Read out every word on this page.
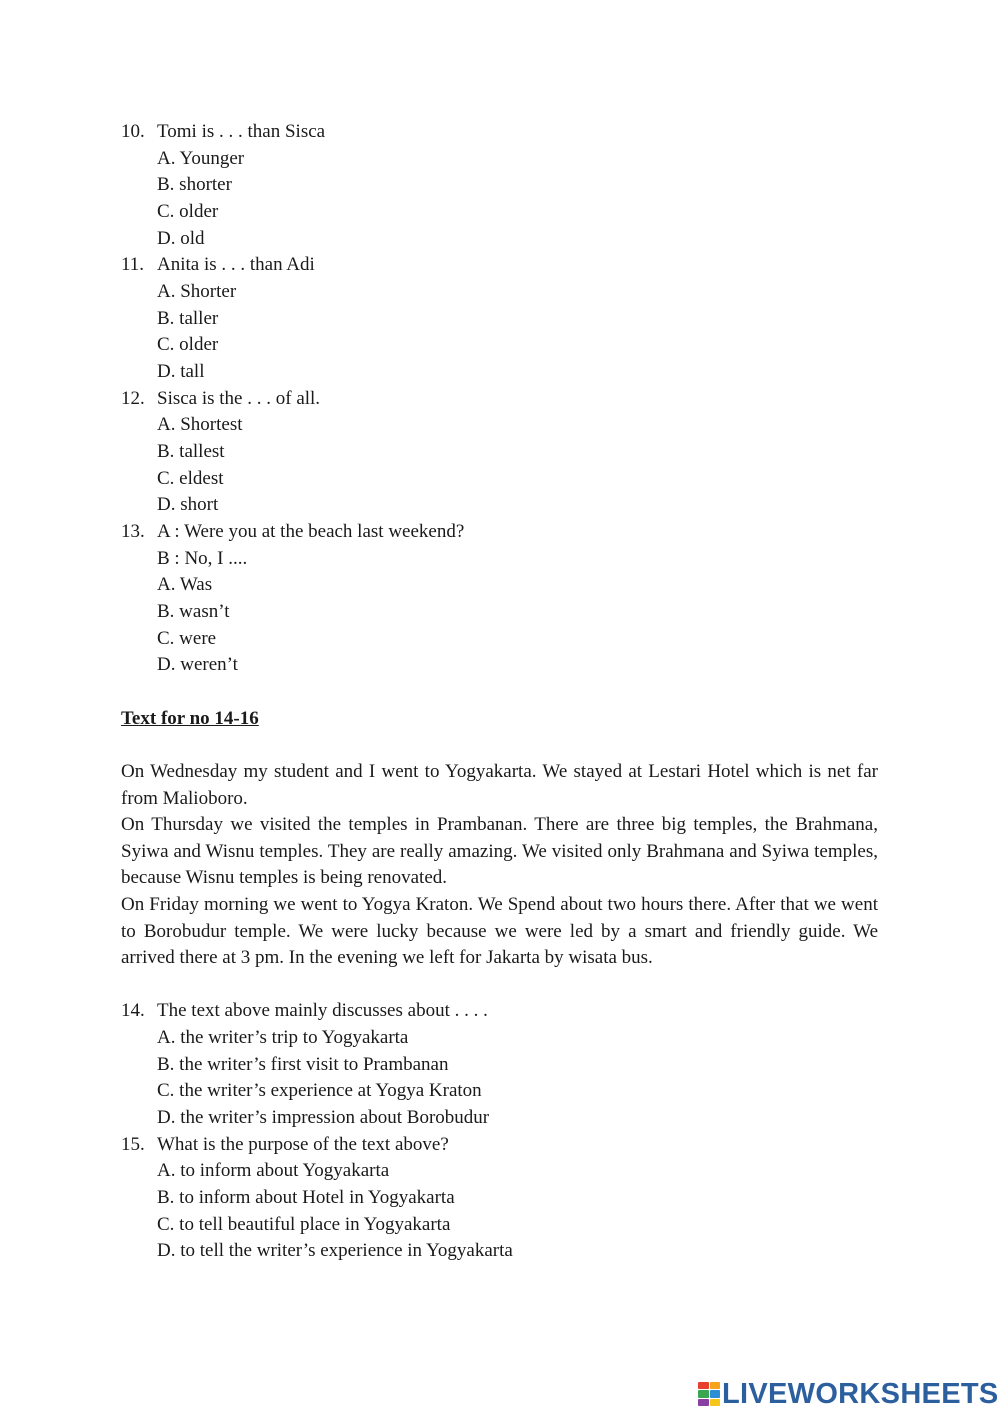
10. Tomi is . . . than Sisca
A. Younger
B. shorter
C. older
D. old
11. Anita is . . . than Adi
A. Shorter
B. taller
C. older
D. tall
12. Sisca is the . . . of all.
A. Shortest
B. tallest
C. eldest
D. short
13. A : Were you at the beach last weekend?
B : No, I ....
A. Was
B. wasn’t
C. were
D. weren’t
Text for no 14-16

On Wednesday my student and I went to Yogyakarta. We stayed at Lestari Hotel which is net far from Malioboro.

On Thursday we visited the temples in Prambanan. There are three big temples, the Brahmana, Syiwa and Wisnu temples. They are really amazing. We visited only Brahmana and Syiwa temples, because Wisnu temples is being renovated.

On Friday morning we went to Yogya Kraton. We Spend about two hours there. After that we went to Borobudur temple. We were lucky because we were led by a smart and friendly guide. We arrived there at 3 pm. In the evening we left for Jakarta by wisata bus.

14. The text above mainly discusses about . . . .
A. the writer’s trip to Yogyakarta
B. the writer’s first visit to Prambanan
C. the writer’s experience at Yogya Kraton
D. the writer’s impression about Borobudur
15. What is the purpose of the text above?
A. to inform about Yogyakarta
B. to inform about Hotel in Yogyakarta
C. to tell beautiful place in Yogyakarta
D. to tell the writer’s experience in Yogyakarta
LIVEWORKSHEETS
